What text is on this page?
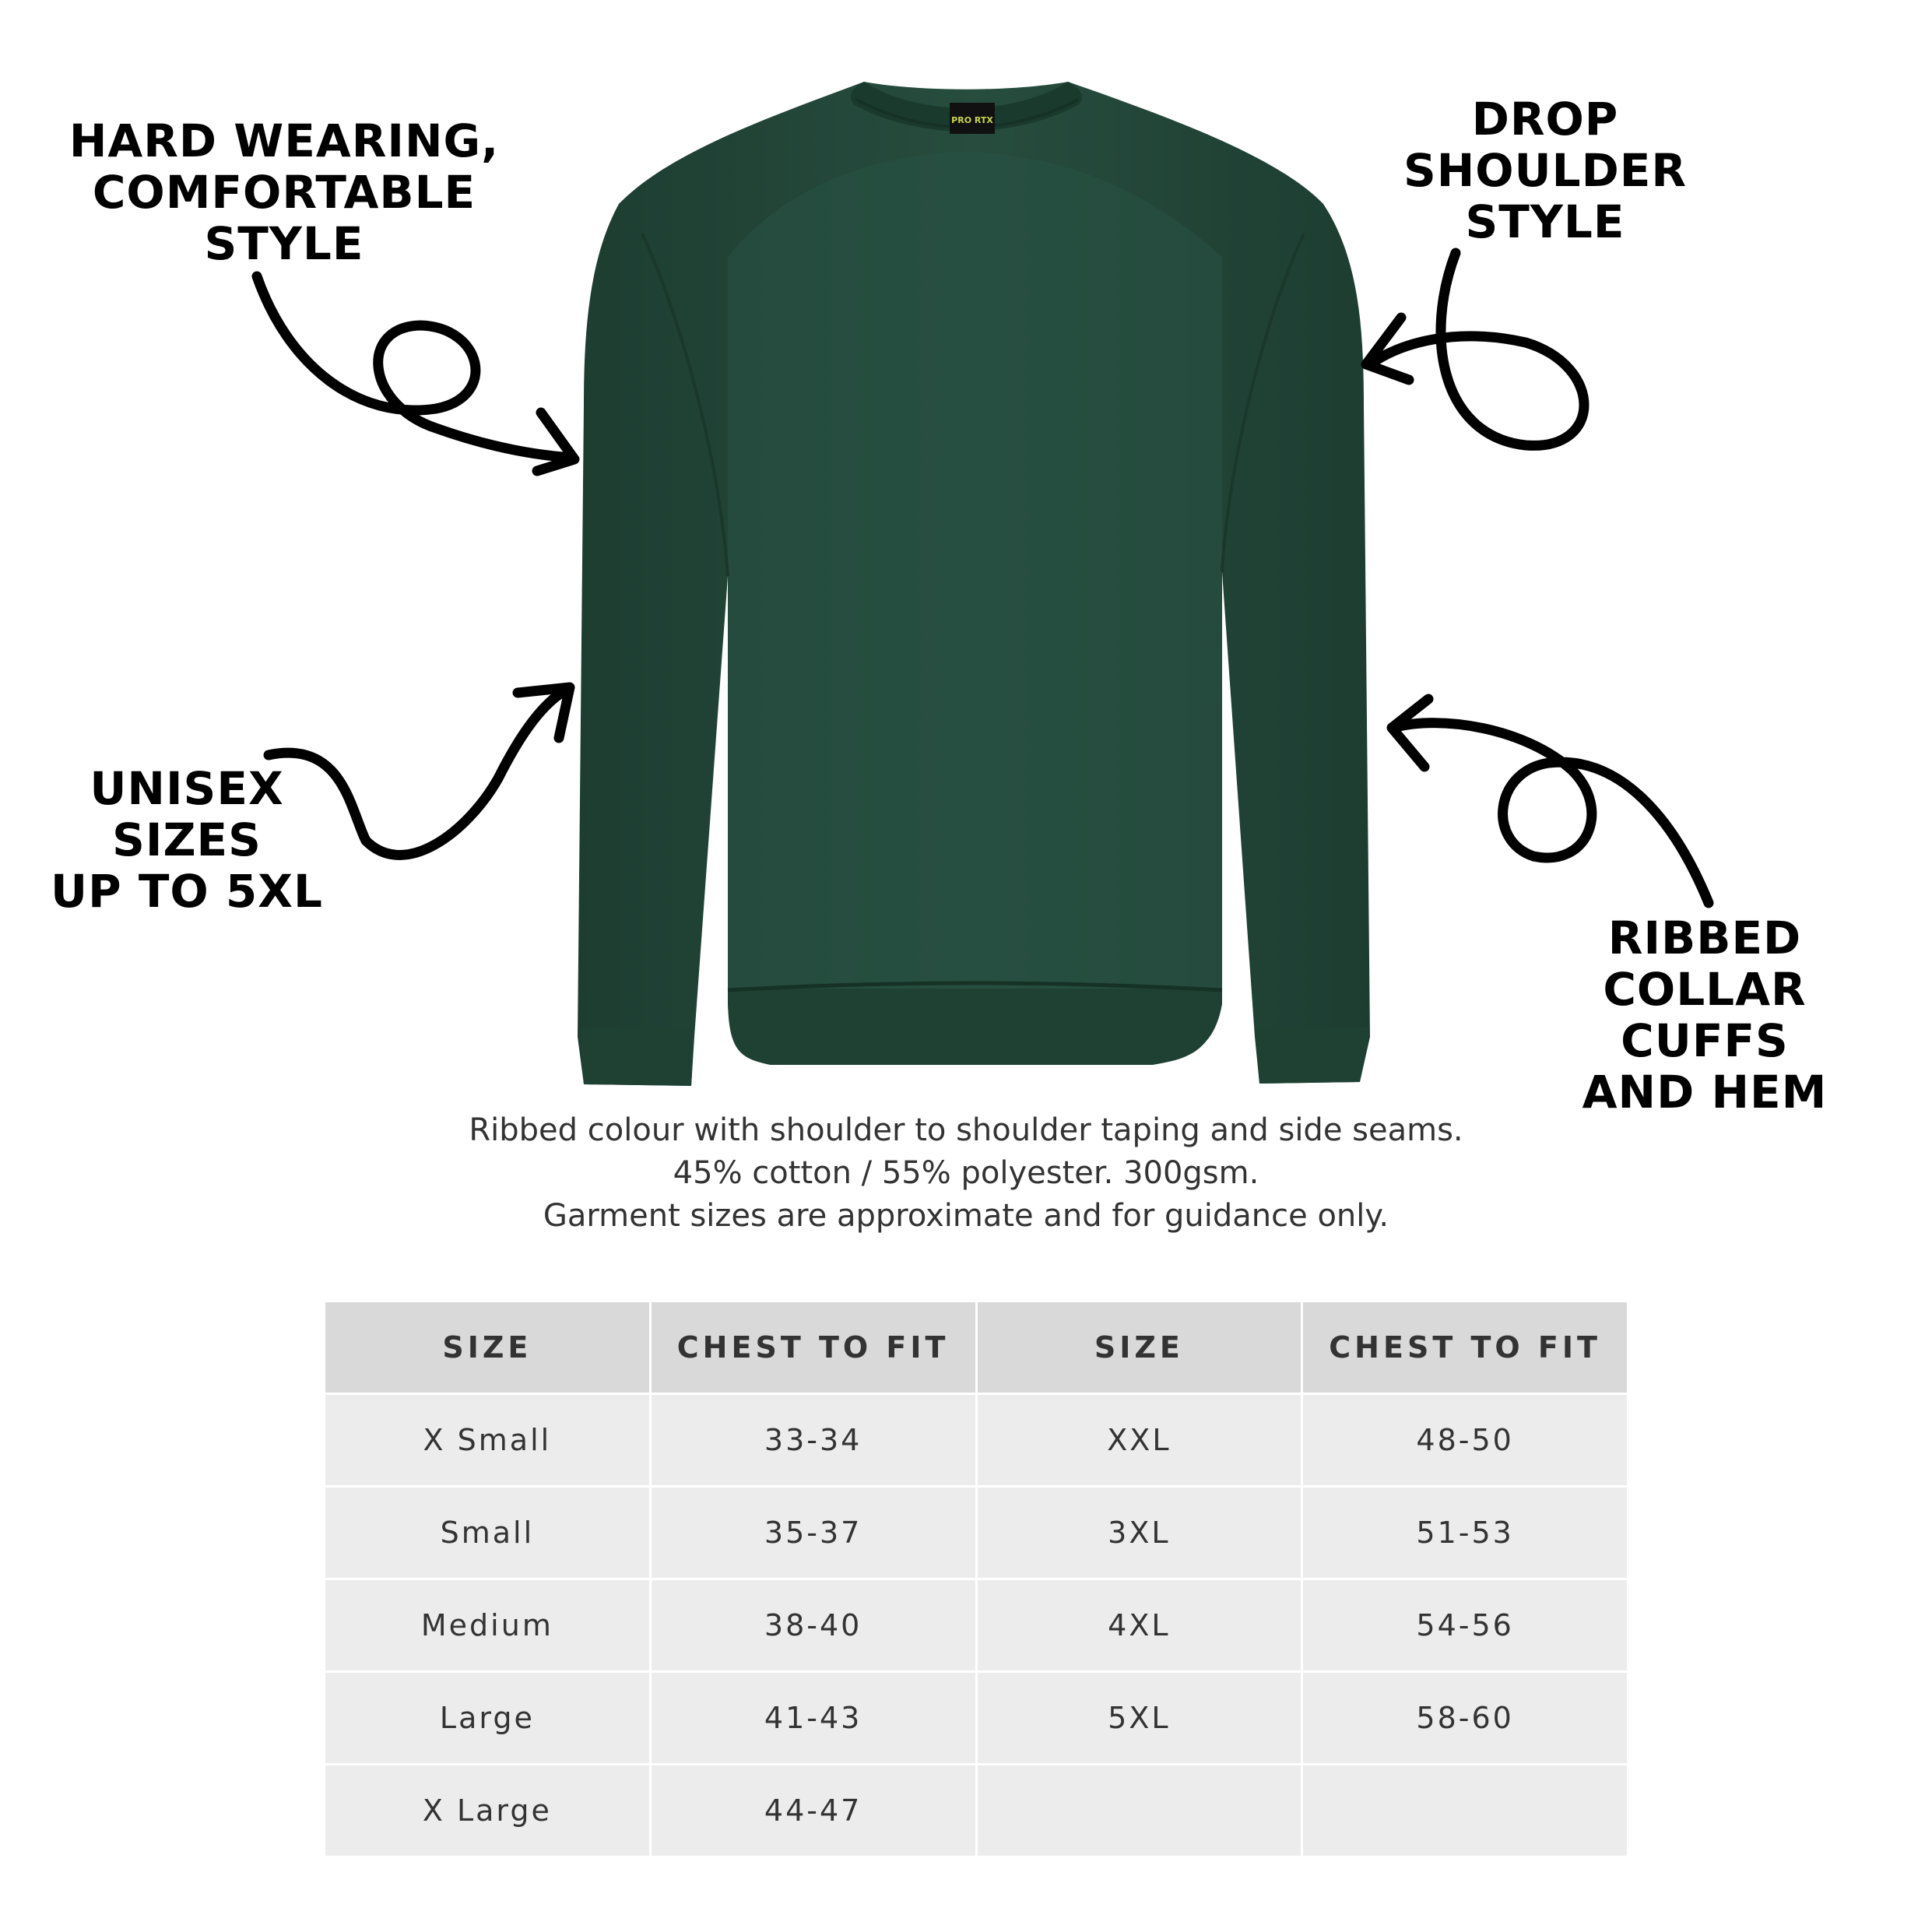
PRO RTX
HARD WEARING,
COMFORTABLE
STYLE
DROP
SHOULDER
STYLE
UNISEX
SIZES
UP TO 5XL
RIBBED
COLLAR
CUFFS
AND HEM
Ribbed colour with shoulder to shoulder taping and side seams.
45% cotton / 55% polyester. 300gsm.
Garment sizes are approximate and for guidance only.
SIZE	CHEST TO FIT	SIZE	CHEST TO FIT
X Small	33-34	XXL	48-50
Small	35-37	3XL	51-53
Medium	38-40	4XL	54-56
Large	41-43	5XL	58-60
X Large	44-47		
